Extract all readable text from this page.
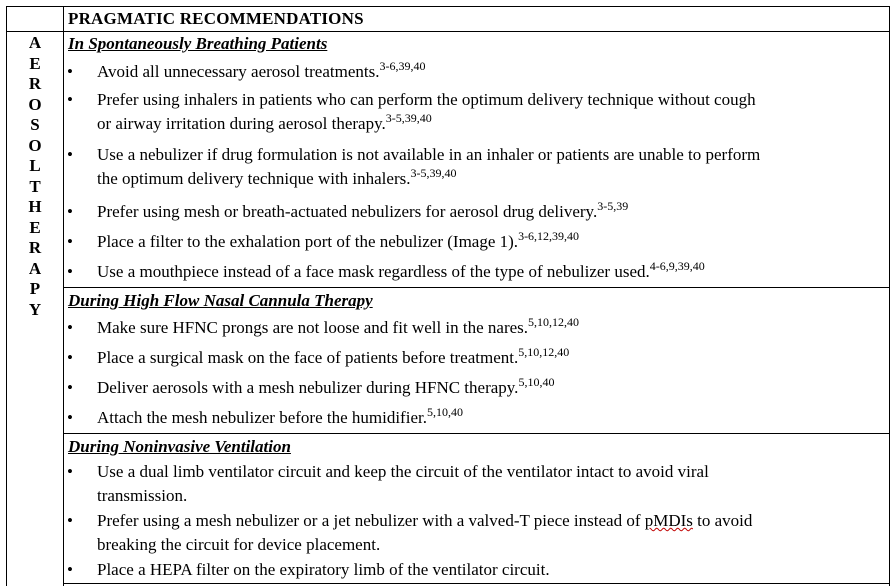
PRAGMATIC RECOMMENDATIONS
A
E
R
O
S
O
L
T
H
E
R
A
P
Y
In Spontaneously Breathing Patients
• Avoid all unnecessary aerosol treatments.$^{3-6,39,40}$
• Prefer using inhalers in patients who can perform the optimum delivery technique without cough
or airway irritation during aerosol therapy.$^{3-5,39,40}$
• Use a nebulizer if drug formulation is not available in an inhaler or patients are unable to perform
the optimum delivery technique with inhalers.$^{3-5,39,40}$
• Prefer using mesh or breath-actuated nebulizers for aerosol drug delivery.$^{3-5,39}$
• Place a filter to the exhalation port of the nebulizer (Image 1).$^{3-6,12,39,40}$
• Use a mouthpiece instead of a face mask regardless of the type of nebulizer used.$^{4-6,9,39,40}$
During High Flow Nasal Cannula Therapy
• Make sure HFNC prongs are not loose and fit well in the nares.$^{5,10,12,40}$
• Place a surgical mask on the face of patients before treatment.$^{5,10,12,40}$
• Deliver aerosols with a mesh nebulizer during HFNC therapy.$^{5,10,40}$
• Attach the mesh nebulizer before the humidifier.$^{5,10,40}$
During Noninvasive Ventilation
• Use a dual limb ventilator circuit and keep the circuit of the ventilator intact to avoid viral
transmission.
• Prefer using a mesh nebulizer or a jet nebulizer with a valved-T piece instead of pMDIs to avoid
breaking the circuit for device placement.
• Place a HEPA filter on the expiratory limb of the ventilator circuit.
